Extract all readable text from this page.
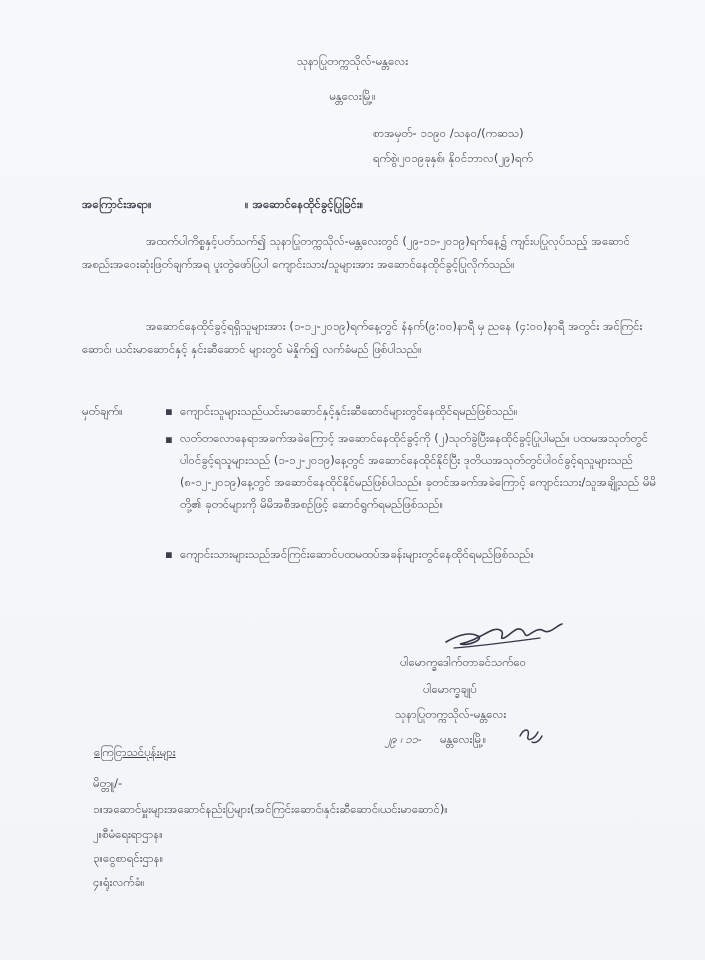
သုနာပြုတက္ကသိုလ်-မန္တလေး
မန္တလေးမြို့။
စာအမှတ်- ၁၁၉၀ /သန၀/(ကဆသ)
ရက်စွဲ၊၂၀၁၉ခုနှစ်၊ နိုဝင်ဘာလ(၂၉)ရက်
အကြောင်းအရာ။	။ အဆောင်နေထိုင်ခွင့်ပြုခြင်း။
အထက်ပါကိစ္စနှင့်ပတ်သက်၍ သုနာပြုတက္ကသိုလ်-မန္တလေးတွင် (၂၉-၁၁-၂၀၁၉)ရက်နေ့၌ ကျင်းပပြုလုပ်သည့် အဆောင်အစည်းအဝေးဆုံးဖြတ်ချက်အရ ပူးတွဲဖော်ပြပါ ကျောင်းသား/သူများအား အဆောင်နေထိုင်ခွင့်ပြုလိုက်သည်။
အဆောင်နေထိုင်ခွင့်ရရှိသူများအား (၁-၁၂-၂၀၁၉)ရက်နေ့တွင် နံနက်(၉:၀၀)နာရီ မှ ညနေ (၄:၀၀)နာရီ အတွင်း အင်ကြင်းဆောင်၊ ယင်းမာဆောင်နှင့် နှင်းဆီဆောင် များတွင် မဲနှိုက်၍ လက်ခံမည် ဖြစ်ပါသည်။
မှတ်ချက်။	▪ ကျောင်းသူများသည်ယင်းမာဆောင်နှင့်နှင်းဆီဆောင်များတွင်နေထိုင်ရမည်ဖြစ်သည်။
▪ လတ်တလောနေရာအခက်အခဲကြောင့် အဆောင်နေထိုင်ခွင့်ကို (၂)သုတ်ခွဲပြီးနေထိုင်ခွင့်ပြုပါမည်။ ပထမအသုတ်တွင် ပါဝင်ခွင့်ရသူများသည် (၁-၁၂-၂၀၁၉)နေ့တွင် အဆောင်နေထိုင်နိုင်ပြီး ဒုတိယအသုတ်တွင်ပါဝင်ခွင့်ရသူများသည် (၈-၁၂-၂၀၁၉)နေ့တွင် အဆောင်နေထိုင်နိုင်မည်ဖြစ်ပါသည်။ ခုတင်အခက်အခဲကြောင့် ကျောင်းသား/သူအချို့သည် မိမိတို့၏ ခုတင်များကို မိမိအစီအစဉ်ဖြင့် ဆောင်ရွက်ရမည်ဖြစ်သည်။
▪ ကျောင်းသားများသည်အင်ကြင်းဆောင်ပထမထပ်အခန်းများတွင်နေထိုင်ရမည်ဖြစ်သည်။
ပါမောက္ခဒေါက်တာခင်သက်ဝေ
ပါမောက္ခချုပ်
သုနာပြုတက္ကသိုလ်-မန္တလေး
၂၉ ၊ ၁၁- မန္တလေးမြို့။
ကြေငြာသင်ပုန်းများ
မိတ္တူ/-
၁။အဆောင်မှူးများအဆောင်နည်းပြများ(အင်ကြင်းဆောင်၊နှင်းဆီဆောင်၊ယင်းမာဆောင်)။
၂။စီမံရေးရာဌာန။
၃။ငွေစာရင်းဌာန။
၄။ရုံးလက်ခံ။
